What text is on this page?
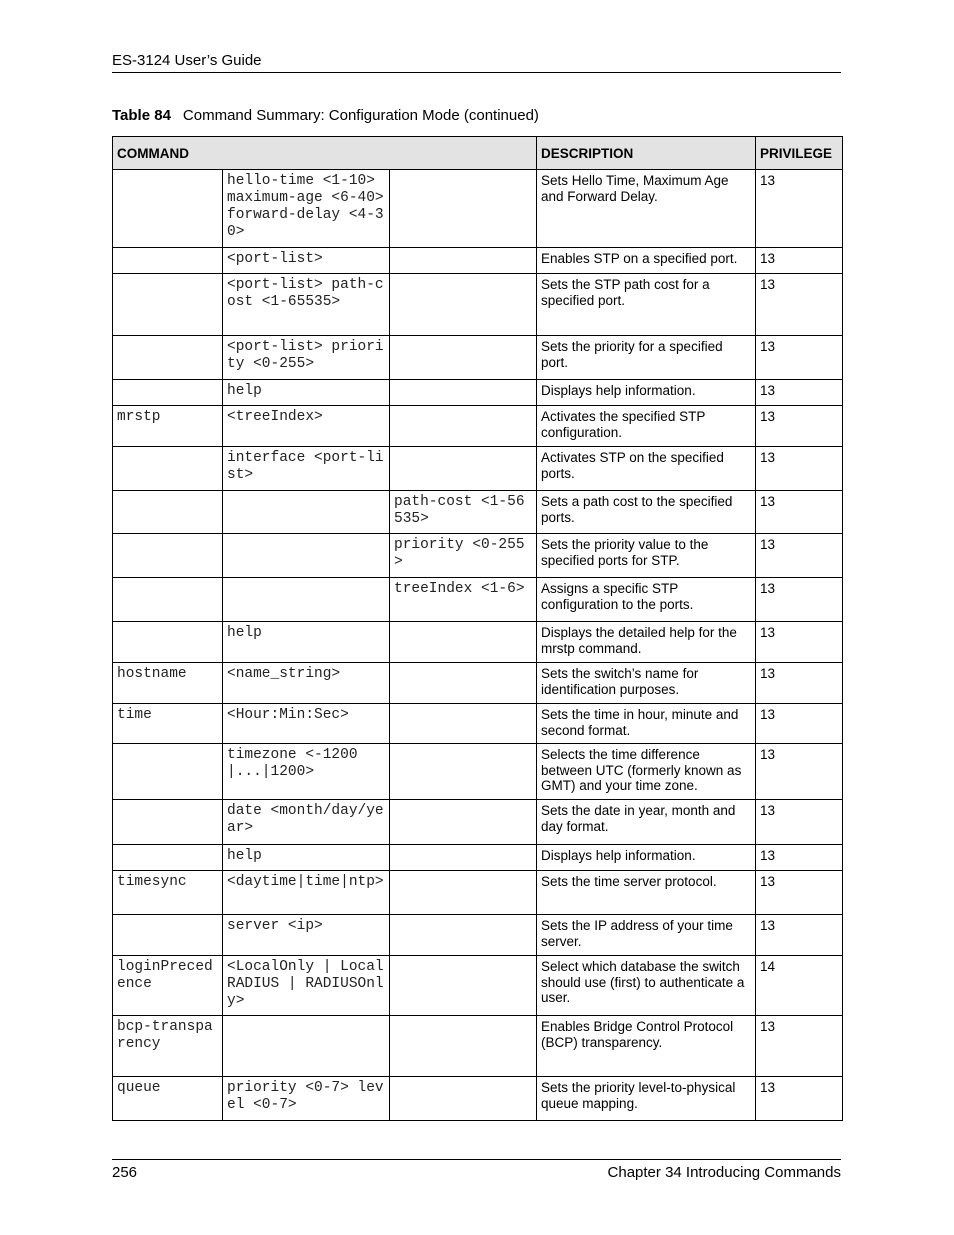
ES-3124 User’s Guide
Table 84 Command Summary: Configuration Mode (continued)
COMMAND			DESCRIPTION	PRIVILEGE
	hello-time <1-10> maximum-age <6-40> forward-delay <4-30>		Sets Hello Time, Maximum Age and Forward Delay.	13
	<port-list>		Enables STP on a specified port.	13
	<port-list> path-cost <1-65535>		Sets the STP path cost for a specified port.	13
	<port-list> priority <0-255>		Sets the priority for a specified port.	13
	help		Displays help information.	13
mrstp	<treeIndex>		Activates the specified STP configuration.	13
	interface <port-list>		Activates STP on the specified ports.	13
		path-cost <1-56535>	Sets a path cost to the specified ports.	13
		priority <0-255>	Sets the priority value to the specified ports for STP.	13
		treeIndex <1-6>	Assigns a specific STP configuration to the ports.	13
	help		Displays the detailed help for the mrstp command.	13
hostname	<name_string>		Sets the switch’s name for identification purposes.	13
time	<Hour:Min:Sec>		Sets the time in hour, minute and second format.	13
	timezone <-1200|...|1200>		Selects the time difference between UTC (formerly known as GMT) and your time zone.	13
	date <month/day/year>		Sets the date in year, month and day format.	13
	help		Displays help information.	13
timesync	<daytime|time|ntp>		Sets the time server protocol.	13
	server <ip>		Sets the IP address of your time server.	13
loginPrecedence	<LocalOnly | LocalRADIUS | RADIUSOnly>		Select which database the switch should use (first) to authenticate a user.	14
bcp-transparency			Enables Bridge Control Protocol (BCP) transparency.	13
queue	priority <0-7> level <0-7>		Sets the priority level-to-physical queue mapping.	13
256	Chapter 34 Introducing Commands
